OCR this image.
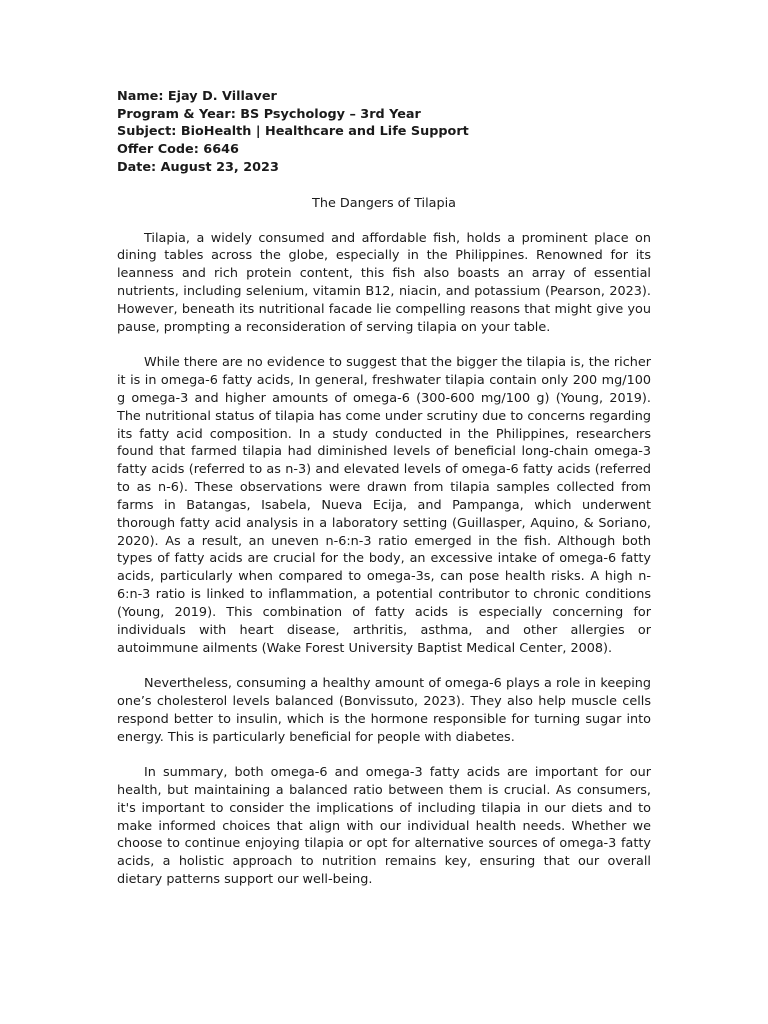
Name: Ejay D. Villaver
Program & Year: BS Psychology – 3rd Year
Subject: BioHealth | Healthcare and Life Support
Offer Code: 6646
Date: August 23, 2023
The Dangers of Tilapia

Tilapia, a widely consumed and affordable fish, holds a prominent place on dining tables across the globe, especially in the Philippines. Renowned for its leanness and rich protein content, this fish also boasts an array of essential nutrients, including selenium, vitamin B12, niacin, and potassium (Pearson, 2023). However, beneath its nutritional facade lie compelling reasons that might give you pause, prompting a reconsideration of serving tilapia on your table.

While there are no evidence to suggest that the bigger the tilapia is, the richer it is in omega-6 fatty acids, In general, freshwater tilapia contain only 200 mg/100 g omega-3 and higher amounts of omega-6 (300-600 mg/100 g) (Young, 2019). The nutritional status of tilapia has come under scrutiny due to concerns regarding its fatty acid composition. In a study conducted in the Philippines, researchers found that farmed tilapia had diminished levels of beneficial long-chain omega-3 fatty acids (referred to as n-3) and elevated levels of omega-6 fatty acids (referred to as n-6). These observations were drawn from tilapia samples collected from farms in Batangas, Isabela, Nueva Ecija, and Pampanga, which underwent thorough fatty acid analysis in a laboratory setting (Guillasper, Aquino, & Soriano, 2020). As a result, an uneven n-6:n-3 ratio emerged in the fish. Although both types of fatty acids are crucial for the body, an excessive intake of omega-6 fatty acids, particularly when compared to omega-3s, can pose health risks. A high n-6:n-3 ratio is linked to inflammation, a potential contributor to chronic conditions (Young, 2019). This combination of fatty acids is especially concerning for individuals with heart disease, arthritis, asthma, and other allergies or autoimmune ailments (Wake Forest University Baptist Medical Center, 2008).

Nevertheless, consuming a healthy amount of omega-6 plays a role in keeping one’s cholesterol levels balanced (Bonvissuto, 2023). They also help muscle cells respond better to insulin, which is the hormone responsible for turning sugar into energy. This is particularly beneficial for people with diabetes.

In summary, both omega-6 and omega-3 fatty acids are important for our health, but maintaining a balanced ratio between them is crucial. As consumers, it's important to consider the implications of including tilapia in our diets and to make informed choices that align with our individual health needs. Whether we choose to continue enjoying tilapia or opt for alternative sources of omega-3 fatty acids, a holistic approach to nutrition remains key, ensuring that our overall dietary patterns support our well-being.
